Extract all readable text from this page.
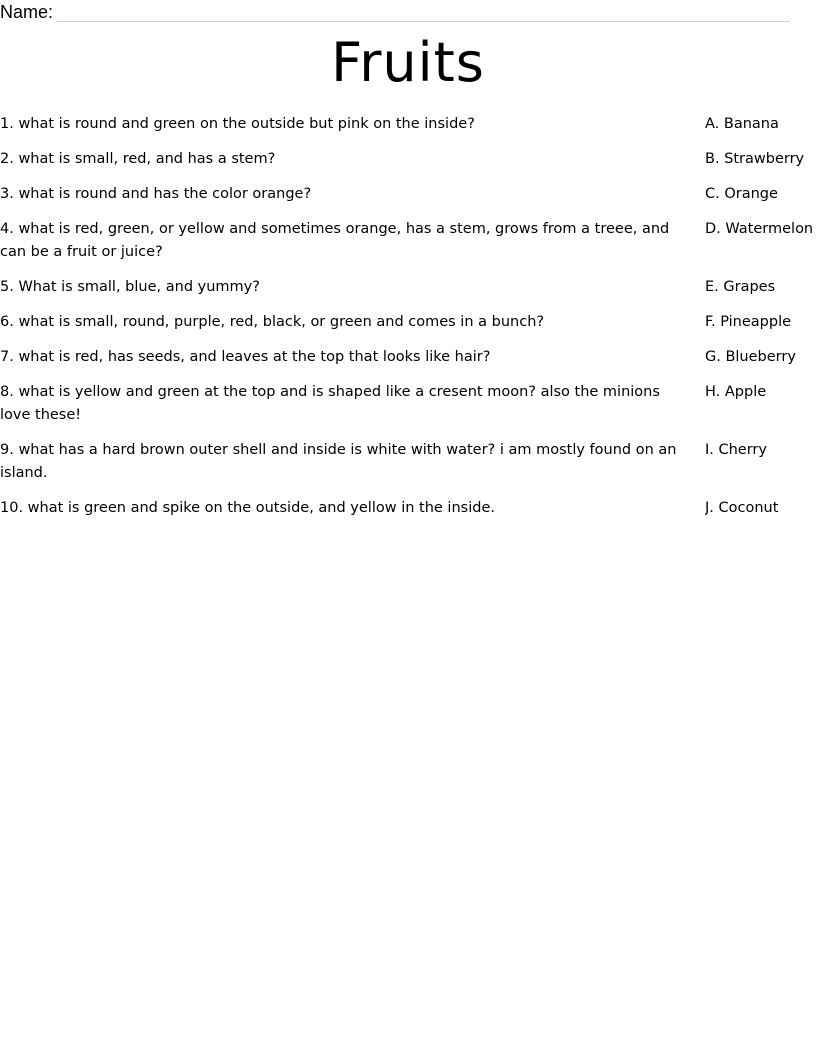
Name:
Fruits
1. what is round and green on the outside but pink on the inside?	A. Banana
2. what is small, red, and has a stem?	B. Strawberry
3. what is round and has the color orange?	C. Orange
4. what is red, green, or yellow and sometimes orange, has a stem, grows from a treee, and can be a fruit or juice?
D. Watermelon
5. What is small, blue, and yummy?	E. Grapes
6. what is small, round, purple, red, black, or green and comes in a bunch?	F. Pineapple
7. what is red, has seeds, and leaves at the top that looks like hair?	G. Blueberry
8. what is yellow and green at the top and is shaped like a cresent moon? also the minions love these!
H. Apple
9. what has a hard brown outer shell and inside is white with water? i am mostly found on an island.
I. Cherry
10. what is green and spike on the outside, and yellow in the inside.	J. Coconut
